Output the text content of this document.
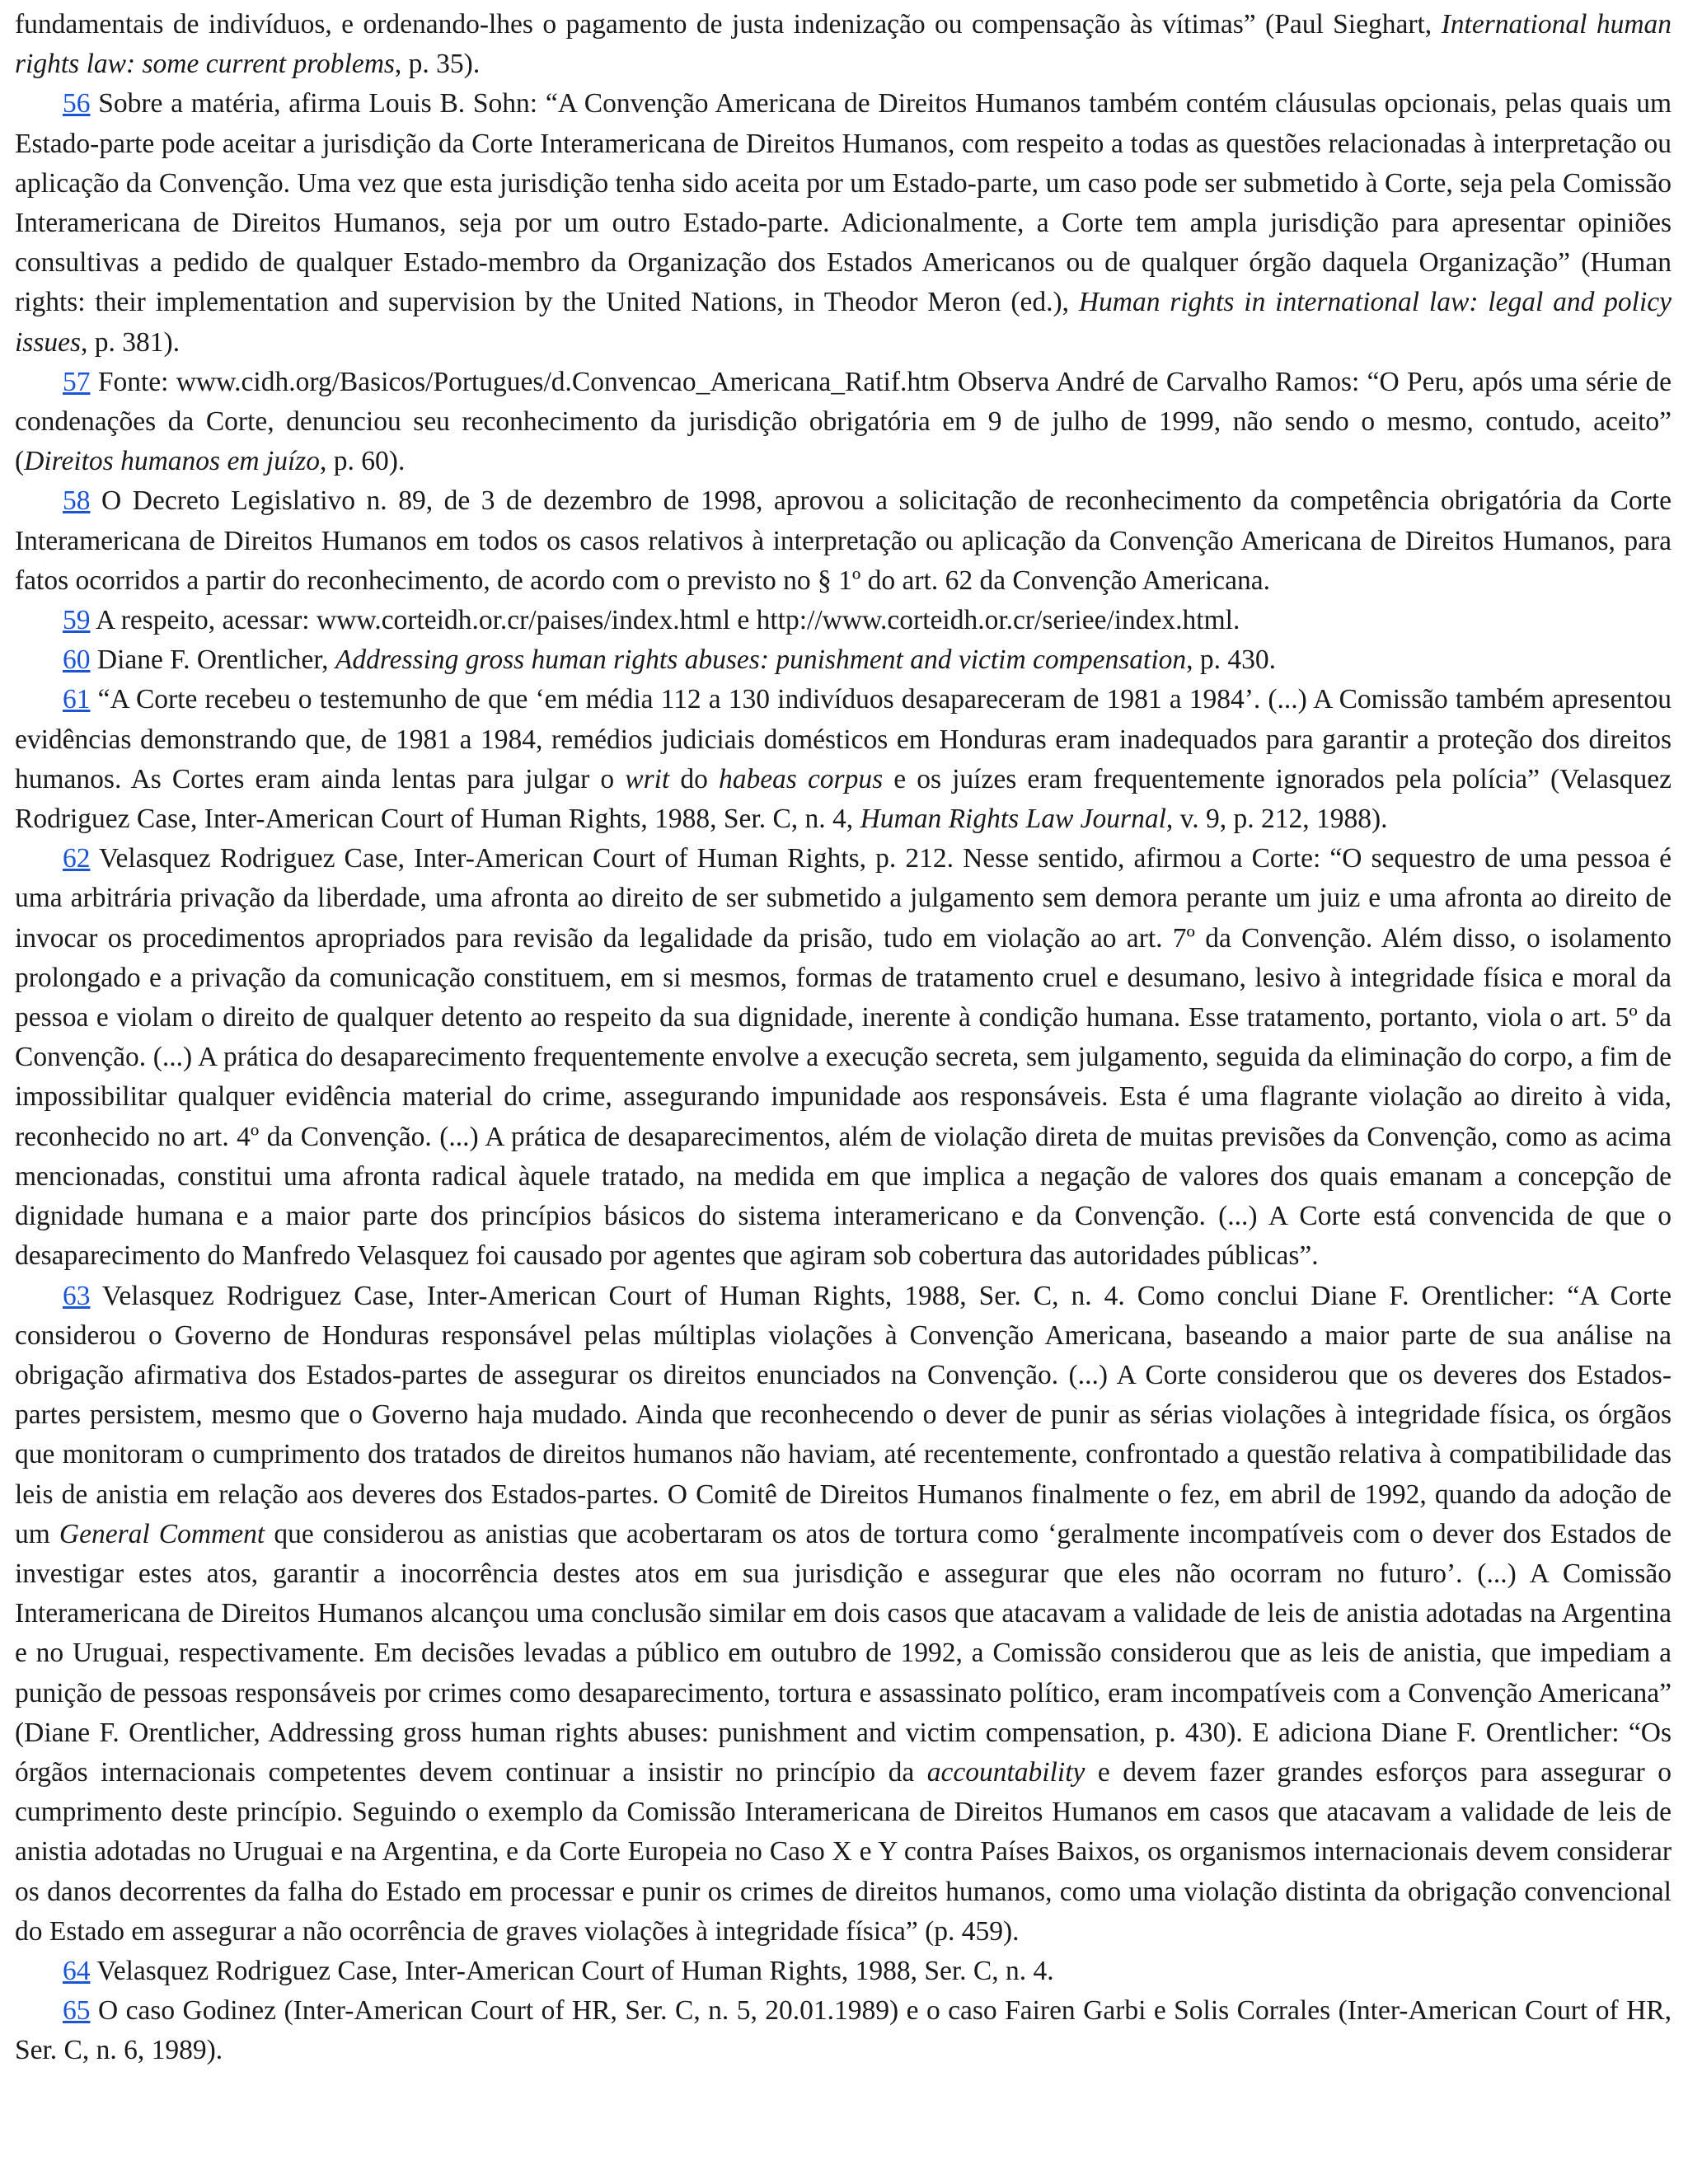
fundamentais de indivíduos, e ordenando-lhes o pagamento de justa indenização ou compensação às vítimas” (Paul Sieghart, International human rights law: some current problems, p. 35).

56 Sobre a matéria, afirma Louis B. Sohn: “A Convenção Americana de Direitos Humanos também contém cláusulas opcionais, pelas quais um Estado-parte pode aceitar a jurisdição da Corte Interamericana de Direitos Humanos, com respeito a todas as questões relacionadas à interpretação ou aplicação da Convenção. Uma vez que esta jurisdição tenha sido aceita por um Estado-parte, um caso pode ser submetido à Corte, seja pela Comissão Interamericana de Direitos Humanos, seja por um outro Estado-parte. Adicionalmente, a Corte tem ampla jurisdição para apresentar opiniões consultivas a pedido de qualquer Estado-membro da Organização dos Estados Americanos ou de qualquer órgão daquela Organização” (Human rights: their implementation and supervision by the United Nations, in Theodor Meron (ed.), Human rights in international law: legal and policy issues, p. 381).

57 Fonte: www.cidh.org/Basicos/Portugues/d.Convencao_Americana_Ratif.htm Observa André de Carvalho Ramos: “O Peru, após uma série de condenações da Corte, denunciou seu reconhecimento da jurisdição obrigatória em 9 de julho de 1999, não sendo o mesmo, contudo, aceito” (Direitos humanos em juízo, p. 60).

58 O Decreto Legislativo n. 89, de 3 de dezembro de 1998, aprovou a solicitação de reconhecimento da competência obrigatória da Corte Interamericana de Direitos Humanos em todos os casos relativos à interpretação ou aplicação da Convenção Americana de Direitos Humanos, para fatos ocorridos a partir do reconhecimento, de acordo com o previsto no § 1º do art. 62 da Convenção Americana.

59 A respeito, acessar: www.corteidh.or.cr/paises/index.html e http://www.corteidh.or.cr/seriee/index.html.

60 Diane F. Orentlicher, Addressing gross human rights abuses: punishment and victim compensation, p. 430.

61 “A Corte recebeu o testemunho de que ‘em média 112 a 130 indivíduos desapareceram de 1981 a 1984’. (...) A Comissão também apresentou evidências demonstrando que, de 1981 a 1984, remédios judiciais domésticos em Honduras eram inadequados para garantir a proteção dos direitos humanos. As Cortes eram ainda lentas para julgar o writ do habeas corpus e os juízes eram frequentemente ignorados pela polícia” (Velasquez Rodriguez Case, Inter-American Court of Human Rights, 1988, Ser. C, n. 4, Human Rights Law Journal, v. 9, p. 212, 1988).

62 Velasquez Rodriguez Case, Inter-American Court of Human Rights, p. 212. Nesse sentido, afirmou a Corte: “O sequestro de uma pessoa é uma arbitrária privação da liberdade, uma afronta ao direito de ser submetido a julgamento sem demora perante um juiz e uma afronta ao direito de invocar os procedimentos apropriados para revisão da legalidade da prisão, tudo em violação ao art. 7º da Convenção. Além disso, o isolamento prolongado e a privação da comunicação constituem, em si mesmos, formas de tratamento cruel e desumano, lesivo à integridade física e moral da pessoa e violam o direito de qualquer detento ao respeito da sua dignidade, inerente à condição humana. Esse tratamento, portanto, viola o art. 5º da Convenção. (...) A prática do desaparecimento frequentemente envolve a execução secreta, sem julgamento, seguida da eliminação do corpo, a fim de impossibilitar qualquer evidência material do crime, assegurando impunidade aos responsáveis. Esta é uma flagrante violação ao direito à vida, reconhecido no art. 4º da Convenção. (...) A prática de desaparecimentos, além de violação direta de muitas previsões da Convenção, como as acima mencionadas, constitui uma afronta radical àquele tratado, na medida em que implica a negação de valores dos quais emanam a concepção de dignidade humana e a maior parte dos princípios básicos do sistema interamericano e da Convenção. (...) A Corte está convencida de que o desaparecimento do Manfredo Velasquez foi causado por agentes que agiram sob cobertura das autoridades públicas”.

63 Velasquez Rodriguez Case, Inter-American Court of Human Rights, 1988, Ser. C, n. 4. Como conclui Diane F. Orentlicher: “A Corte considerou o Governo de Honduras responsável pelas múltiplas violações à Convenção Americana, baseando a maior parte de sua análise na obrigação afirmativa dos Estados-partes de assegurar os direitos enunciados na Convenção. (...) A Corte considerou que os deveres dos Estados-partes persistem, mesmo que o Governo haja mudado. Ainda que reconhecendo o dever de punir as sérias violações à integridade física, os órgãos que monitoram o cumprimento dos tratados de direitos humanos não haviam, até recentemente, confrontado a questão relativa à compatibilidade das leis de anistia em relação aos deveres dos Estados-partes. O Comitê de Direitos Humanos finalmente o fez, em abril de 1992, quando da adoção de um General Comment que considerou as anistias que acobertaram os atos de tortura como ‘geralmente incompatíveis com o dever dos Estados de investigar estes atos, garantir a inocorrência destes atos em sua jurisdição e assegurar que eles não ocorram no futuro’. (...) A Comissão Interamericana de Direitos Humanos alcançou uma conclusão similar em dois casos que atacavam a validade de leis de anistia adotadas na Argentina e no Uruguai, respectivamente. Em decisões levadas a público em outubro de 1992, a Comissão considerou que as leis de anistia, que impediam a punição de pessoas responsáveis por crimes como desaparecimento, tortura e assassinato político, eram incompatíveis com a Convenção Americana” (Diane F. Orentlicher, Addressing gross human rights abuses: punishment and victim compensation, p. 430). E adiciona Diane F. Orentlicher: “Os órgãos internacionais competentes devem continuar a insistir no princípio da accountability e devem fazer grandes esforços para assegurar o cumprimento deste princípio. Seguindo o exemplo da Comissão Interamericana de Direitos Humanos em casos que atacavam a validade de leis de anistia adotadas no Uruguai e na Argentina, e da Corte Europeia no Caso X e Y contra Países Baixos, os organismos internacionais devem considerar os danos decorrentes da falha do Estado em processar e punir os crimes de direitos humanos, como uma violação distinta da obrigação convencional do Estado em assegurar a não ocorrência de graves violações à integridade física” (p. 459).

64 Velasquez Rodriguez Case, Inter-American Court of Human Rights, 1988, Ser. C, n. 4.

65 O caso Godinez (Inter-American Court of HR, Ser. C, n. 5, 20.01.1989) e o caso Fairen Garbi e Solis Corrales (Inter-American Court of HR, Ser. C, n. 6, 1989).
